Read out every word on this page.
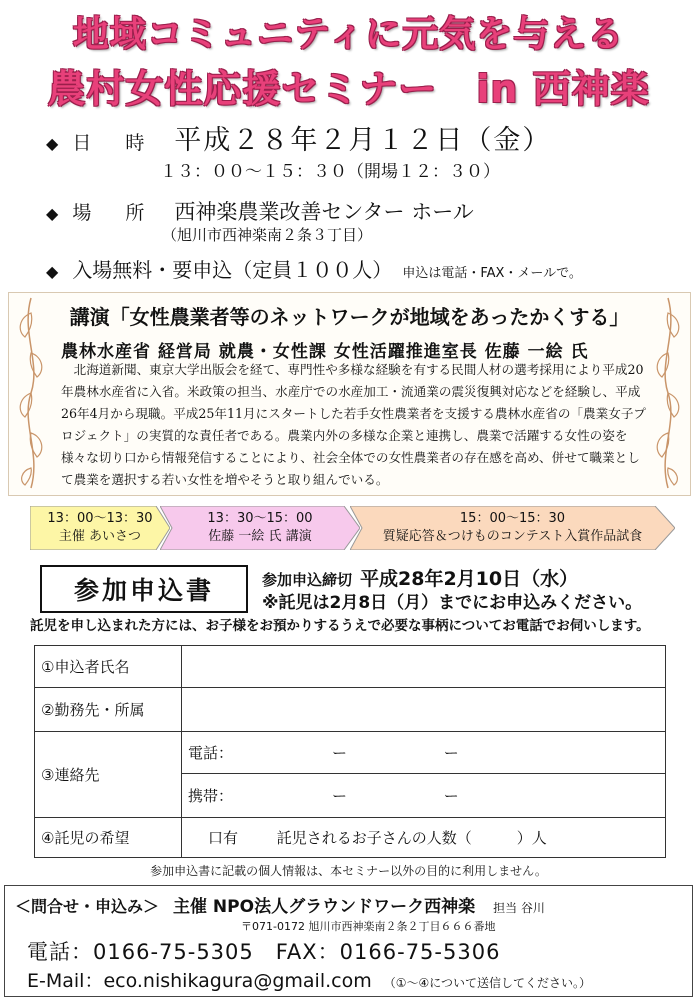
地域コミュニティに元気を与える
農村女性応援セミナー　in 西神楽
◆ 日 時 平成２８年２月１２日（金）
１３：００～１５：３０（開場１２：３０）
◆ 場 所 西神楽農業改善センター ホール
（旭川市西神楽南２条３丁目）
◆ 入場無料・要申込（定員１００人） 申込は電話・FAX・メールで。
講演「女性農業者等のネットワークが地域をあったかくする」
農林水産省 経営局 就農・女性課 女性活躍推進室長 佐藤 一絵 氏
北海道新聞、東京大学出版会を経て、専門性や多様な経験を有する民間人材の選考採用により平成20年農林水産省に入省。米政策の担当、水産庁での水産加工・流通業の震災復興対応などを経験し、平成26年4月から現職。平成25年11月にスタートした若手女性農業者を支援する農林水産省の「農業女子プロジェクト」の実質的な責任者である。農業内外の多様な企業と連携し、農業で活躍する女性の姿を様々な切り口から情報発信することにより、社会全体での女性農業者の存在感を高め、併せて職業として農業を選択する若い女性を増やそうと取り組んでいる。
13：00～13：30
主催 あいさつ
13：30～15：00
佐藤 一絵 氏 講演
15：00～15：30
質疑応答＆つけものコンテスト入賞作品試食
参加申込書	参加申込締切 平成28年2月10日（水）
※託児は2月8日（月）までにお申込みください。
託児を申し込まれた方には、お子様をお預かりするうえで必要な事柄についてお電話でお伺いします。
①申込者氏名		
②勤務先・所属		
③連絡先	電話：	ー ー
	携帯：	ー ー
④託児の希望	口有 託児されるお子さんの人数（　　　）人	
参加申込書に記載の個人情報は、本セミナー以外の目的に利用しません。
＜問合せ・申込み＞ 主催 NPO法人グラウンドワーク西神楽 担当 谷川
〒071-0172 旭川市西神楽南２条２丁目６６６番地
電話：0166-75-5305　FAX：0166-75-5306
E-Mail：eco.nishikagura@gmail.com （①～④について送信してください。）
